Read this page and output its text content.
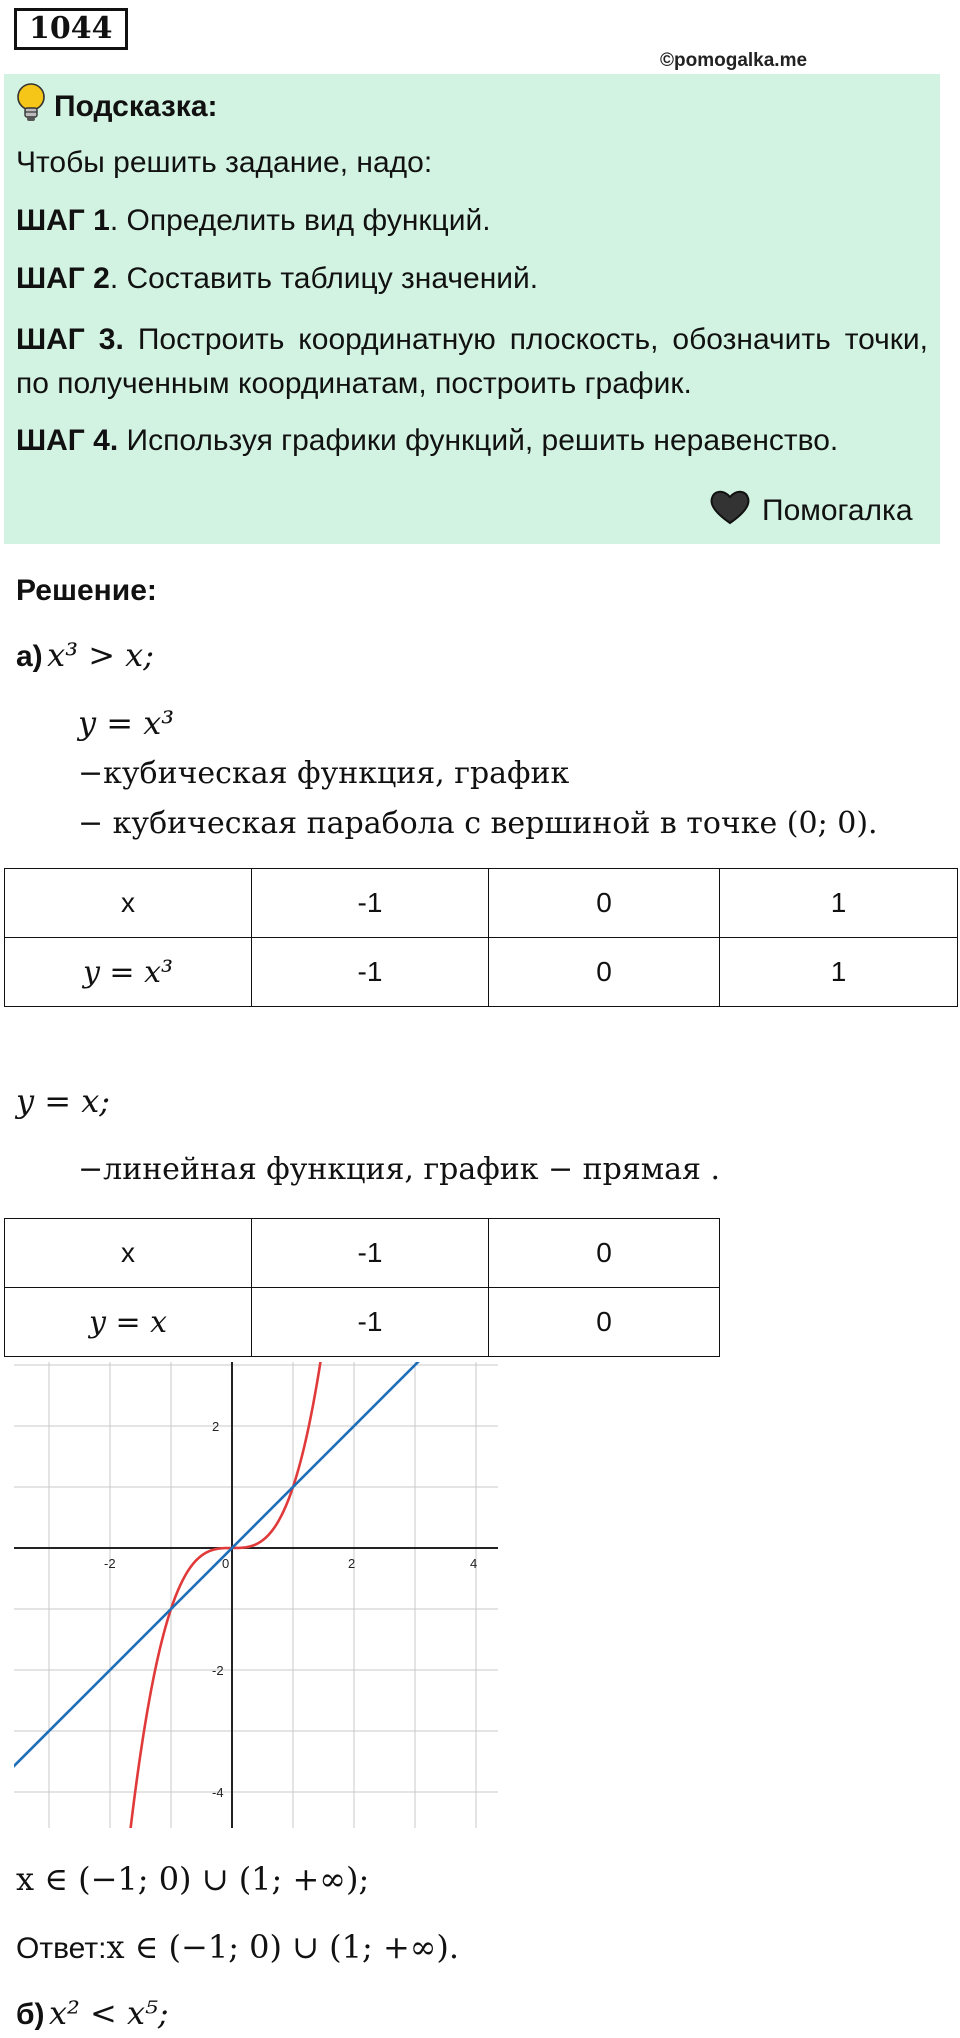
1044
©pomogalka.me
Подсказка:
Чтобы решить задание, надо:
ШАГ 1. Определить вид функций.
ШАГ 2. Составить таблицу значений.
ШАГ 3. Построить координатную плоскость, обозначить точки, по полученным координатам, построить график.
ШАГ 4. Используя графики функций, решить неравенство.
Помогалка
Решение:
а) x³ > x;
y = x³
−кубическая функция, график
− кубическая парабола с вершиной в точке (0; 0).
x	-1	0	1
y = x³	-1	0	1
y = x;
−линейная функция, график − прямая .
x	-1	0
y = x	-1	0
-2	0	2	4
2
-2
-4
x ∈ (−1; 0) ∪ (1; +∞);
Ответ:x ∈ (−1; 0) ∪ (1; +∞).
б) x² < x⁵;
